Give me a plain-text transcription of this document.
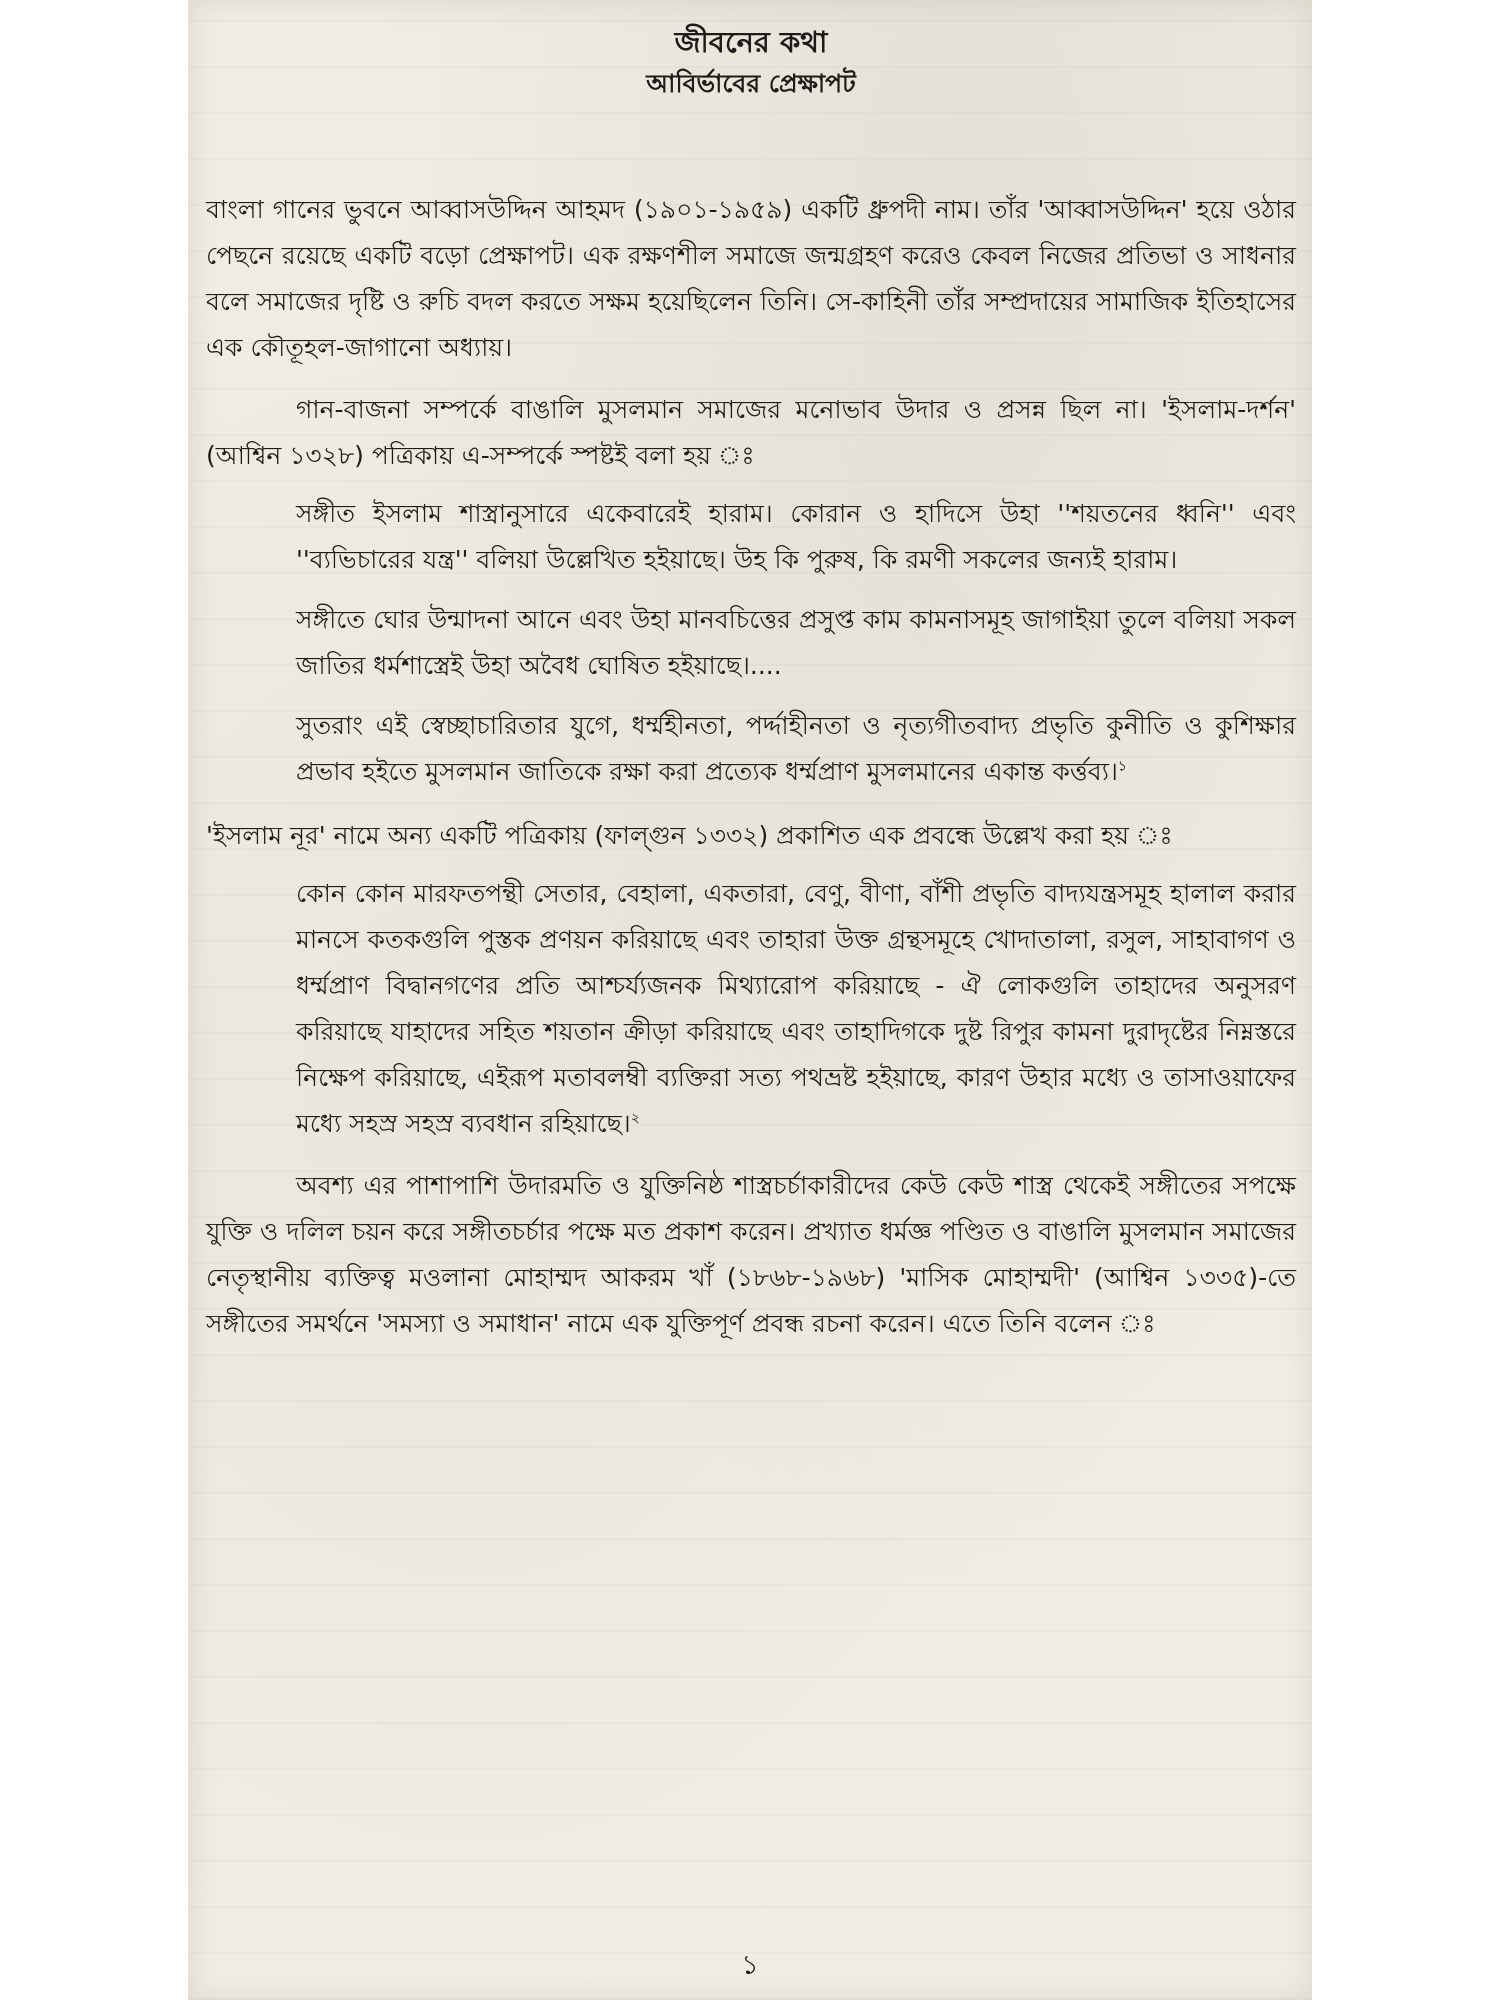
জীবনের কথা
আবির্ভাবের প্রেক্ষাপট

বাংলা গানের ভুবনে আব্বাসউদ্দিন আহমদ (১৯০১-১৯৫৯) একটি ধ্রুপদী নাম। তাঁর 'আব্বাসউদ্দিন' হয়ে ওঠার পেছনে রয়েছে একটি বড়ো প্রেক্ষাপট। এক রক্ষণশীল সমাজে জন্মগ্রহণ করেও কেবল নিজের প্রতিভা ও সাধনার বলে সমাজের দৃষ্টি ও রুচি বদল করতে সক্ষম হয়েছিলেন তিনি। সে-কাহিনী তাঁর সম্প্রদায়ের সামাজিক ইতিহাসের এক কৌতূহল-জাগানো অধ্যায়।

গান-বাজনা সম্পর্কে বাঙালি মুসলমান সমাজের মনোভাব উদার ও প্রসন্ন ছিল না। 'ইসলাম-দর্শন' (আশ্বিন ১৩২৮) পত্রিকায় এ-সম্পর্কে স্পষ্টই বলা হয় ঃ

সঙ্গীত ইসলাম শাস্ত্রানুসারে একেবারেই হারাম। কোরান ও হাদিসে উহা ''শয়তনের ধ্বনি'' এবং ''ব্যভিচারের যন্ত্র'' বলিয়া উল্লেখিত হইয়াছে। উহ কি পুরুষ, কি রমণী সকলের জন্যই হারাম।

সঙ্গীতে ঘোর উন্মাদনা আনে এবং উহা মানবচিত্তের প্রসুপ্ত কাম কামনাসমূহ জাগাইয়া তুলে বলিয়া সকল জাতির ধর্মশাস্ত্রেই উহা অবৈধ ঘোষিত হইয়াছে।....

সুতরাং এই স্বেচ্ছাচারিতার যুগে, ধর্ম্মহীনতা, পর্দ্দাহীনতা ও নৃত্যগীতবাদ্য প্রভৃতি কুনীতি ও কুশিক্ষার প্রভাব হইতে মুসলমান জাতিকে রক্ষা করা প্রত্যেক ধর্ম্মপ্রাণ মুসলমানের একান্ত কর্ত্তব্য।$^১$

'ইসলাম নূর' নামে অন্য একটি পত্রিকায় (ফাল্গুন ১৩৩২) প্রকাশিত এক প্রবন্ধে উল্লেখ করা হয় ঃ

কোন কোন মারফতপন্থী সেতার, বেহালা, একতারা, বেণু, বীণা, বাঁশী প্রভৃতি বাদ্যযন্ত্রসমূহ হালাল করার মানসে কতকগুলি পুস্তক প্রণয়ন করিয়াছে এবং তাহারা উক্ত গ্রন্থসমূহে খোদাতালা, রসুল, সাহাবাগণ ও ধর্ম্মপ্রাণ বিদ্বানগণের প্রতি আশ্চর্য্যজনক মিথ্যারোপ করিয়াছে - ঐ লোকগুলি তাহাদের অনুসরণ করিয়াছে যাহাদের সহিত শয়তান ক্রীড়া করিয়াছে এবং তাহাদিগকে দুষ্ট রিপুর কামনা দুরাদৃষ্টের নিম্নস্তরে নিক্ষেপ করিয়াছে, এইরূপ মতাবলম্বী ব্যক্তিরা সত্য পথভ্রষ্ট হইয়াছে, কারণ উহার মধ্যে ও তাসাওয়াফের মধ্যে সহস্র সহস্র ব্যবধান রহিয়াছে।$^২$

অবশ্য এর পাশাপাশি উদারমতি ও যুক্তিনিষ্ঠ শাস্ত্রচর্চাকারীদের কেউ কেউ শাস্ত্র থেকেই সঙ্গীতের সপক্ষে যুক্তি ও দলিল চয়ন করে সঙ্গীতচর্চার পক্ষে মত প্রকাশ করেন। প্রখ্যাত ধর্মজ্ঞ পণ্ডিত ও বাঙালি মুসলমান সমাজের নেতৃস্থানীয় ব্যক্তিত্ব মওলানা মোহাম্মদ আকরম খাঁ (১৮৬৮-১৯৬৮) 'মাসিক মোহাম্মদী' (আশ্বিন ১৩৩৫)-তে সঙ্গীতের সমর্থনে 'সমস্যা ও সমাধান' নামে এক যুক্তিপূর্ণ প্রবন্ধ রচনা করেন। এতে তিনি বলেন ঃ

১
